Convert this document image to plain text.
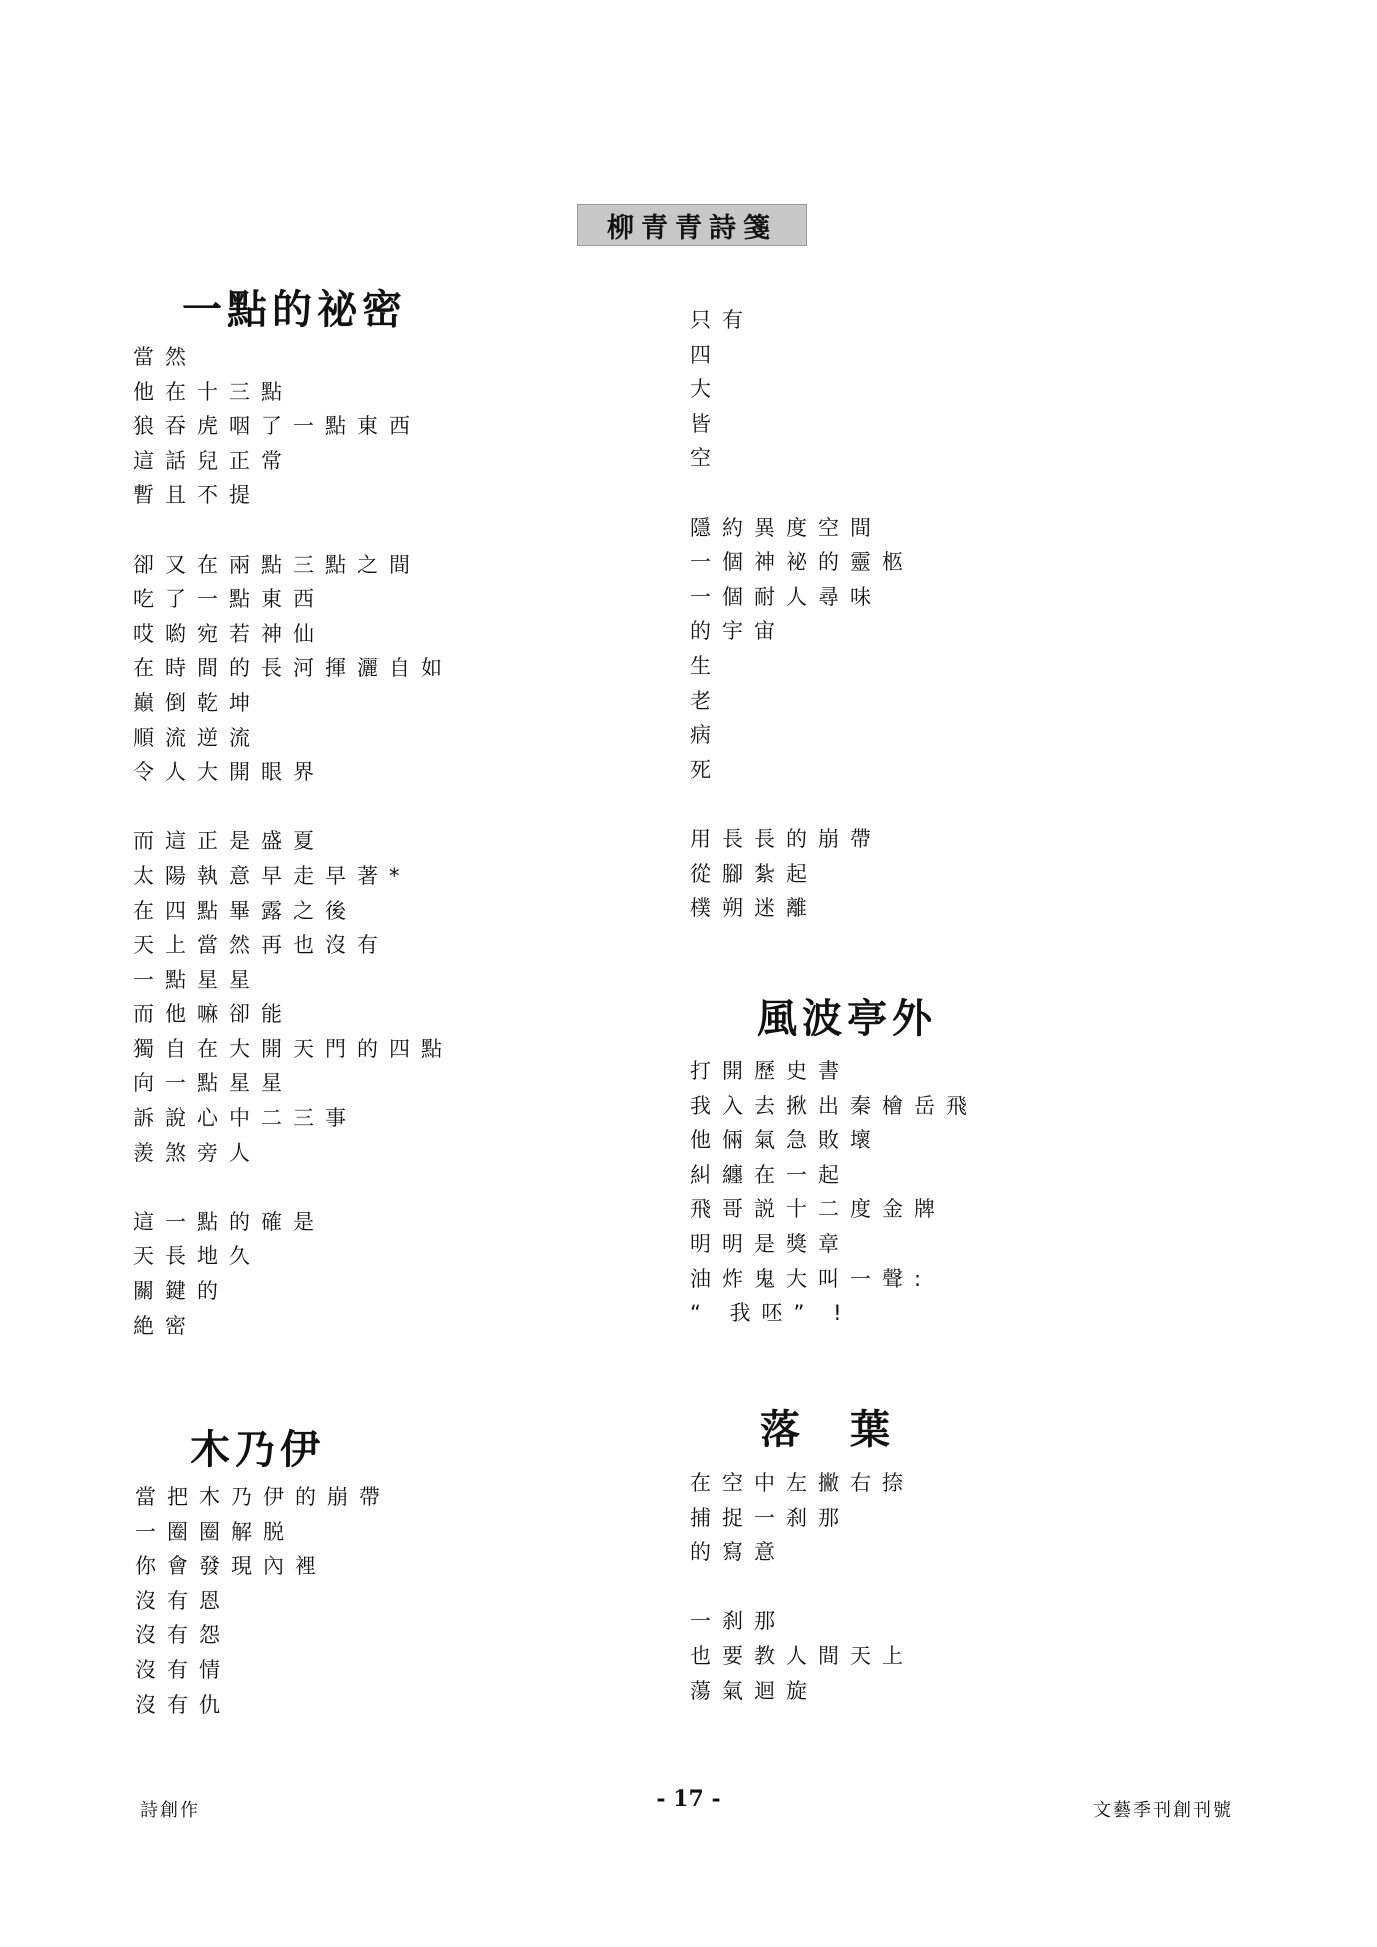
柳青青詩箋
一點的祕密
當然
他在十三點
狼吞虎咽了一點東西
這話兒正常
暫且不提
卻又在兩點三點之間
吃了一點東西
哎喲宛若神仙
在時間的長河揮灑自如
巔倒乾坤
順流逆流
令人大開眼界
而這正是盛夏
太陽執意早走早著*
在四點畢露之後
天上當然再也沒有
一點星星
而他嘛卻能
獨自在大開天門的四點
向一點星星
訴說心中二三事
羨煞旁人
這一點的確是
天長地久
關鍵的
絶密
木乃伊
當把木乃伊的崩帶
一圈圈解脱
你會發現內裡
沒有恩
沒有怨
沒有情
沒有仇
只有
四
大
皆
空
隱約異度空間
一個神袐的靈柩
一個耐人尋味
的宇宙
生
老
病
死
用長長的崩帶
從腳紮起
樸朔迷離
風波亭外
打開歷史書
我入去揪出秦檜岳飛
他倆氣急敗壞
糾纏在一起
飛哥説十二度金牌
明明是獎章
油炸鬼大叫一聲:
“ 我呸” !
落　葉
在空中左撇右捺
捕捉一刹那
的寫意
一刹那
也要教人間天上
蕩氣迴旋
詩創作	- 17 -	文藝季刊創刊號
